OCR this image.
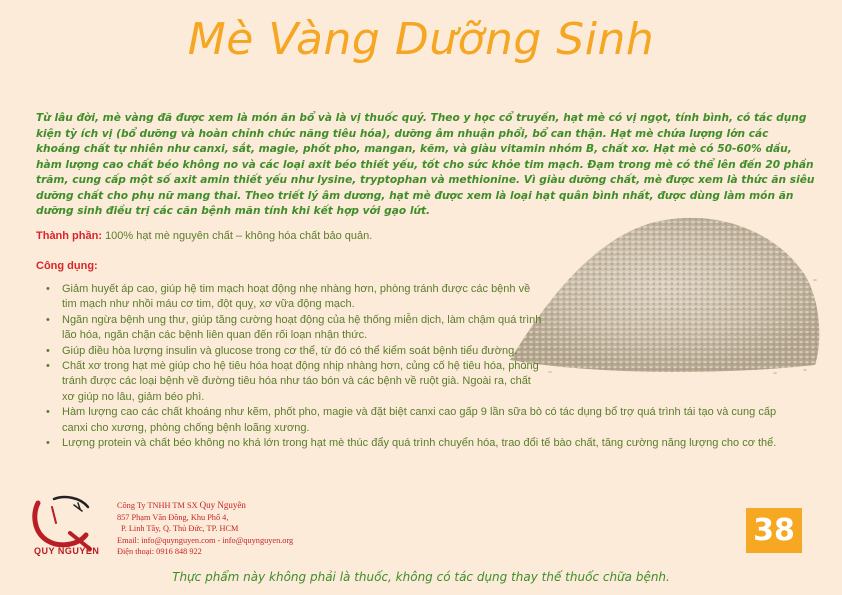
Mè Vàng Dưỡng Sinh

Từ lâu đời, mè vàng đã được xem là món ăn bổ và là vị thuốc quý. Theo y học cổ truyền, hạt mè có vị ngọt, tính bình, có tác dụng kiện tỳ ích vị (bổ dưỡng và hoàn chỉnh chức năng tiêu hóa), dưỡng âm nhuận phổi, bổ can thận. Hạt mè chứa lượng lớn các khoáng chất tự nhiên như canxi, sắt, magie, phốt pho, mangan, kẽm, và giàu vitamin nhóm B, chất xơ. Hạt mè có 50-60% dầu, hàm lượng cao chất béo không no và các loại axit béo thiết yếu, tốt cho sức khỏe tim mạch. Đạm trong mè có thể lên đến 20 phần trăm, cung cấp một số axit amin thiết yếu như lysine, tryptophan và methionine. Vì giàu dưỡng chất, mè được xem là thức ăn siêu dưỡng chất cho phụ nữ mang thai. Theo triết lý âm dương, hạt mè được xem là loại hạt quân bình nhất, được dùng làm món ăn dưỡng sinh điều trị các căn bệnh mãn tính khi kết hợp với gạo lứt.

Thành phần: 100% hạt mè nguyên chất – không hóa chất bảo quản.
Công dụng:
• Giảm huyết áp cao, giúp hệ tim mạch hoạt động nhẹ nhàng hơn, phòng tránh được các bệnh về tim mạch như nhồi máu cơ tim, đột quỵ, xơ vữa động mạch.
• Ngăn ngừa bệnh ung thư, giúp tăng cường hoạt động của hệ thống miễn dịch, làm chậm quá trình lão hóa, ngăn chặn các bệnh liên quan đến rối loạn nhận thức.
• Giúp điều hòa lượng insulin và glucose trong cơ thể, từ đó có thể kiểm soát bệnh tiểu đường.
• Chất xơ trong hạt mè giúp cho hệ tiêu hóa hoạt động nhịp nhàng hơn, củng cố hệ tiêu hóa, phòng tránh được các loại bệnh về đường tiêu hóa như táo bón và các bệnh về ruột già. Ngoài ra, chất xơ giúp no lâu, giảm béo phì.
• Hàm lượng cao các chất khoáng như kẽm, phốt pho, magie và đặt biệt canxi cao gấp 9 lần sữa bò có tác dụng bổ trợ quá trình tái tạo và cung cấp canxi cho xương, phòng chống bệnh loãng xương.
• Lượng protein và chất béo không no khá lớn trong hạt mè thúc đẩy quá trình chuyển hóa, trao đổi tế bào chất, tăng cường năng lượng cho cơ thể.
QUY NGUYÊN
Công Ty TNHH TM SX Quy Nguyên
857 Phạm Văn Đồng, Khu Phố 4,
P. Linh Tây, Q. Thủ Đức, TP. HCM
Email: info@quynguyen.com - info@quynguyen.org
Điện thoại: 0916 848 922
38
Thực phẩm này không phải là thuốc, không có tác dụng thay thế thuốc chữa bệnh.
